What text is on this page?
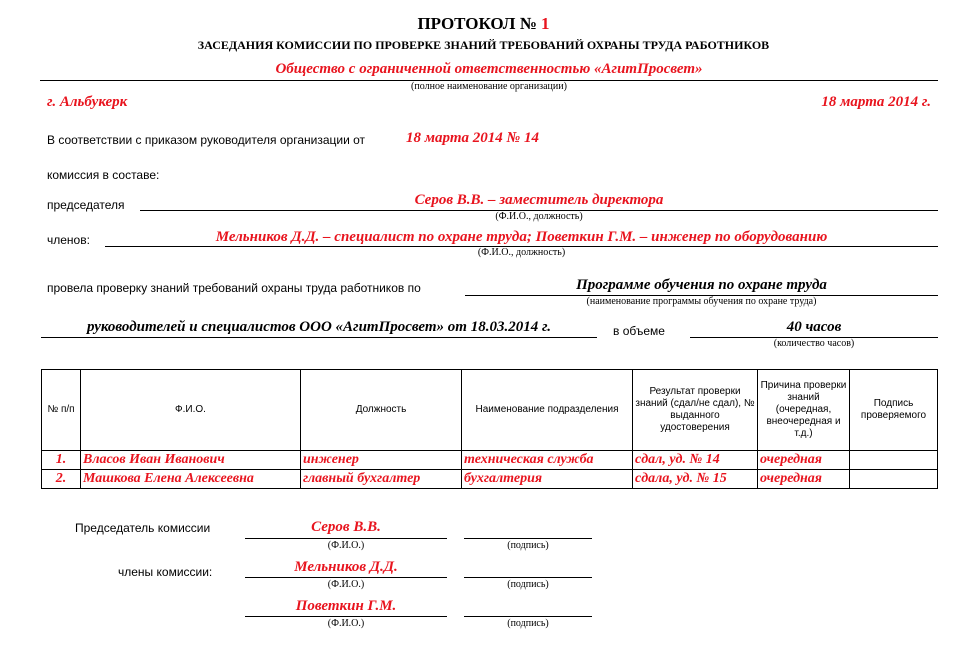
ПРОТОКОЛ № 1
ЗАСЕДАНИЯ КОМИССИИ ПО ПРОВЕРКЕ ЗНАНИЙ ТРЕБОВАНИЙ ОХРАНЫ ТРУДА РАБОТНИКОВ
Общество с ограниченной ответственностью «АгитПросвет»
(полное наименование организации)
г. Альбукерк	18 марта 2014 г.
В соответствии с приказом руководителя организации от	18 марта 2014 № 14
комиссия в составе:
председателя	Серов В.В. – заместитель директора
(Ф.И.О., должность)
членов:	Мельников Д.Д. – специалист по охране труда; Поветкин Г.М. – инженер по оборудованию
(Ф.И.О., должность)
провела проверку знаний требований охраны труда работников по	Программе обучения по охране труда
(наименование программы обучения по охране труда)
руководителей и специалистов ООО «АгитПросвет» от 18.03.2014 г.	в объеме	40 часов
(количество часов)
№ п/п	Ф.И.О.	Должность	Наименование подразделения	Результат проверки знаний (сдал/не сдал), № выданного удостоверения	Причина проверки знаний (очередная, внеочередная и т.д.)	Подпись проверяемого
1.	Власов Иван Иванович	инженер	техническая служба	сдал, уд. № 14	очередная	
2.	Машкова Елена Алексеевна	главный бухгалтер	бухгалтерия	сдала, уд. № 15	очередная	
Председатель комиссии	Серов В.В.
(Ф.И.О.)	(подпись)
члены комиссии:	Мельников Д.Д.
(Ф.И.О.)	(подпись)
Поветкин Г.М.
(Ф.И.О.)	(подпись)
